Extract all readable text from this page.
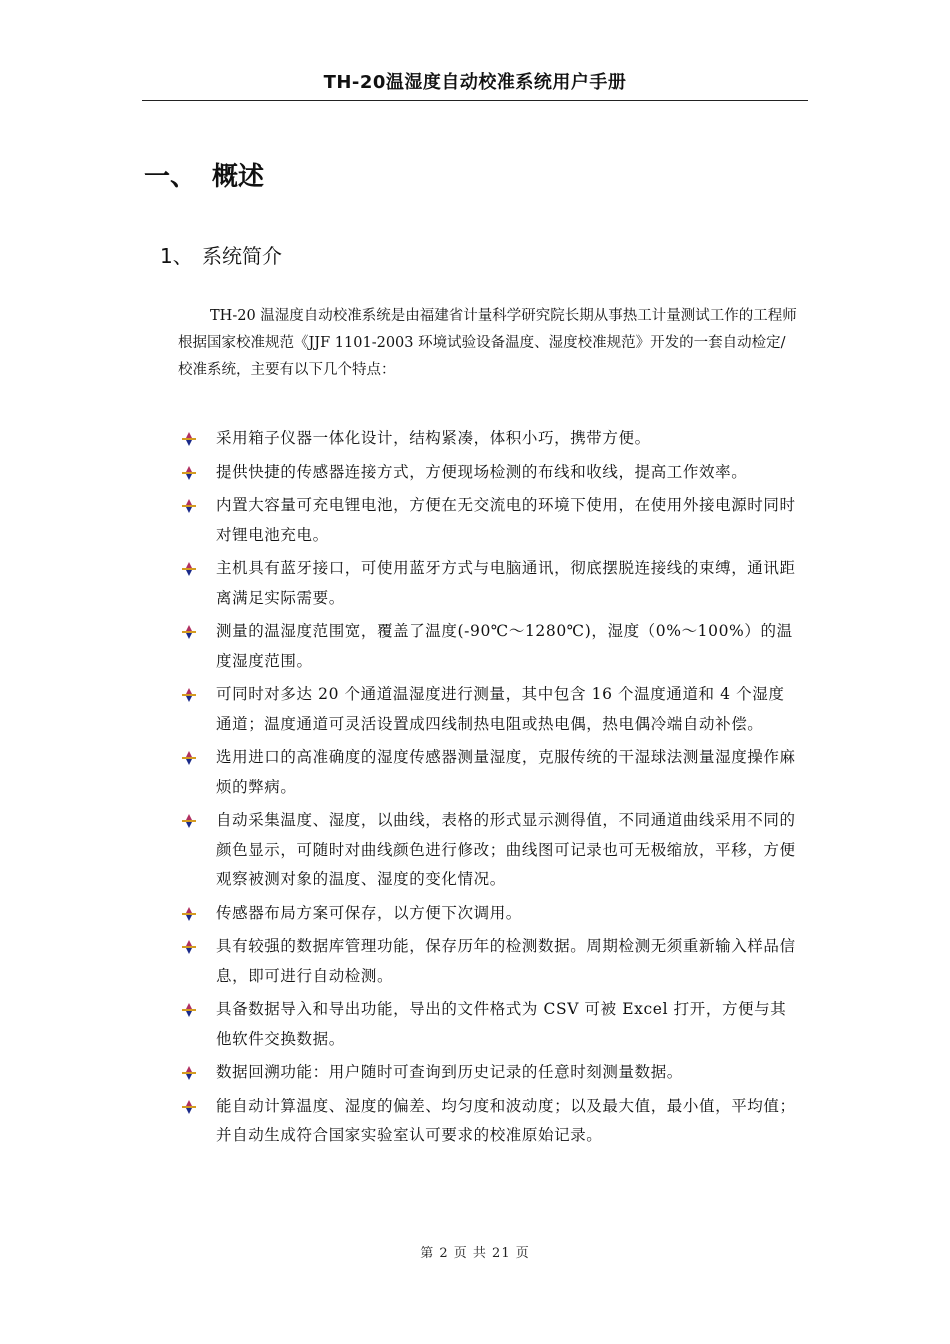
TH-20温湿度自动校准系统用户手册
一、 概述
1、 系统简介

TH-20 温湿度自动校准系统是由福建省计量科学研究院长期从事热工计量测试工作的工程师根据国家校准规范《JJF 1101-2003 环境试验设备温度、湿度校准规范》开发的一套自动检定/校准系统，主要有以下几个特点：

采用箱子仪器一体化设计，结构紧凑，体积小巧，携带方便。
提供快捷的传感器连接方式，方便现场检测的布线和收线，提高工作效率。
内置大容量可充电锂电池，方便在无交流电的环境下使用，在使用外接电源时同时对锂电池充电。
主机具有蓝牙接口，可使用蓝牙方式与电脑通讯，彻底摆脱连接线的束缚，通讯距离满足实际需要。
测量的温湿度范围宽，覆盖了温度(-90℃～1280℃)，湿度（0%～100%）的温度湿度范围。
可同时对多达 20 个通道温湿度进行测量，其中包含 16 个温度通道和 4 个湿度通道；温度通道可灵活设置成四线制热电阻或热电偶，热电偶冷端自动补偿。
选用进口的高准确度的湿度传感器测量湿度，克服传统的干湿球法测量湿度操作麻烦的弊病。
自动采集温度、湿度，以曲线，表格的形式显示测得值，不同通道曲线采用不同的颜色显示，可随时对曲线颜色进行修改；曲线图可记录也可无极缩放，平移，方便观察被测对象的温度、湿度的变化情况。
传感器布局方案可保存，以方便下次调用。
具有较强的数据库管理功能，保存历年的检测数据。周期检测无须重新输入样品信息，即可进行自动检测。
具备数据导入和导出功能，导出的文件格式为 CSV 可被 Excel 打开，方便与其他软件交换数据。
数据回溯功能：用户随时可查询到历史记录的任意时刻测量数据。
能自动计算温度、湿度的偏差、均匀度和波动度；以及最大值，最小值，平均值；并自动生成符合国家实验室认可要求的校准原始记录。
第 2 页 共 21 页
